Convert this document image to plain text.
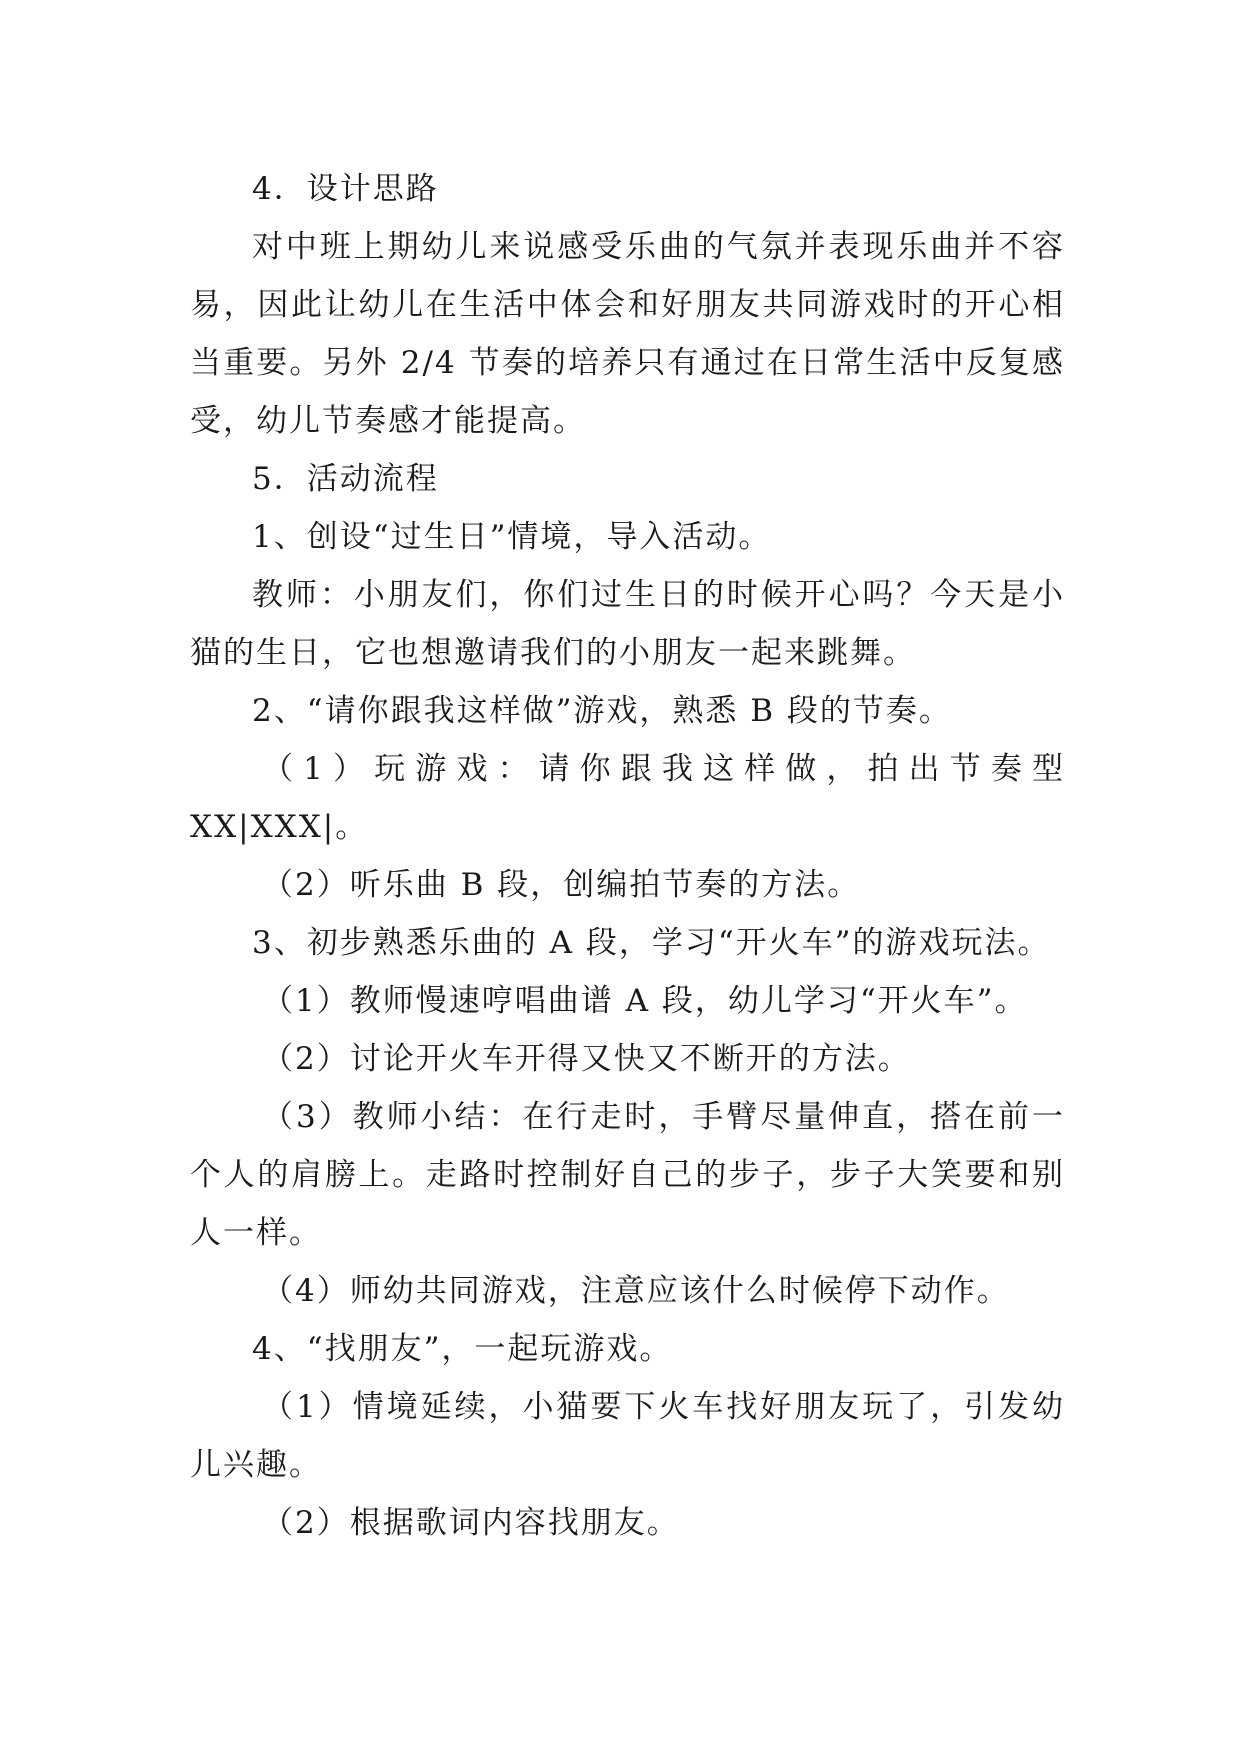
4．设计思路

对中班上期幼儿来说感受乐曲的气氛并表现乐曲并不容易，因此让幼儿在生活中体会和好朋友共同游戏时的开心相当重要。另外 2/4 节奏的培养只有通过在日常生活中反复感受，幼儿节奏感才能提高。

5．活动流程

1、创设“过生日”情境，导入活动。

教师：小朋友们，你们过生日的时候开心吗？今天是小猫的生日，它也想邀请我们的小朋友一起来跳舞。

2、“请你跟我这样做”游戏，熟悉 B 段的节奏。

（1）玩游戏：请你跟我这样做，拍出节奏型 XX|XXX|。

（2）听乐曲 B 段，创编拍节奏的方法。

3、初步熟悉乐曲的 A 段，学习“开火车”的游戏玩法。

（1）教师慢速哼唱曲谱 A 段，幼儿学习“开火车”。

（2）讨论开火车开得又快又不断开的方法。

（3）教师小结：在行走时，手臂尽量伸直，搭在前一个人的肩膀上。走路时控制好自己的步子，步子大笑要和别人一样。

（4）师幼共同游戏，注意应该什么时候停下动作。

4、“找朋友”，一起玩游戏。

（1）情境延续，小猫要下火车找好朋友玩了，引发幼儿兴趣。

（2）根据歌词内容找朋友。
